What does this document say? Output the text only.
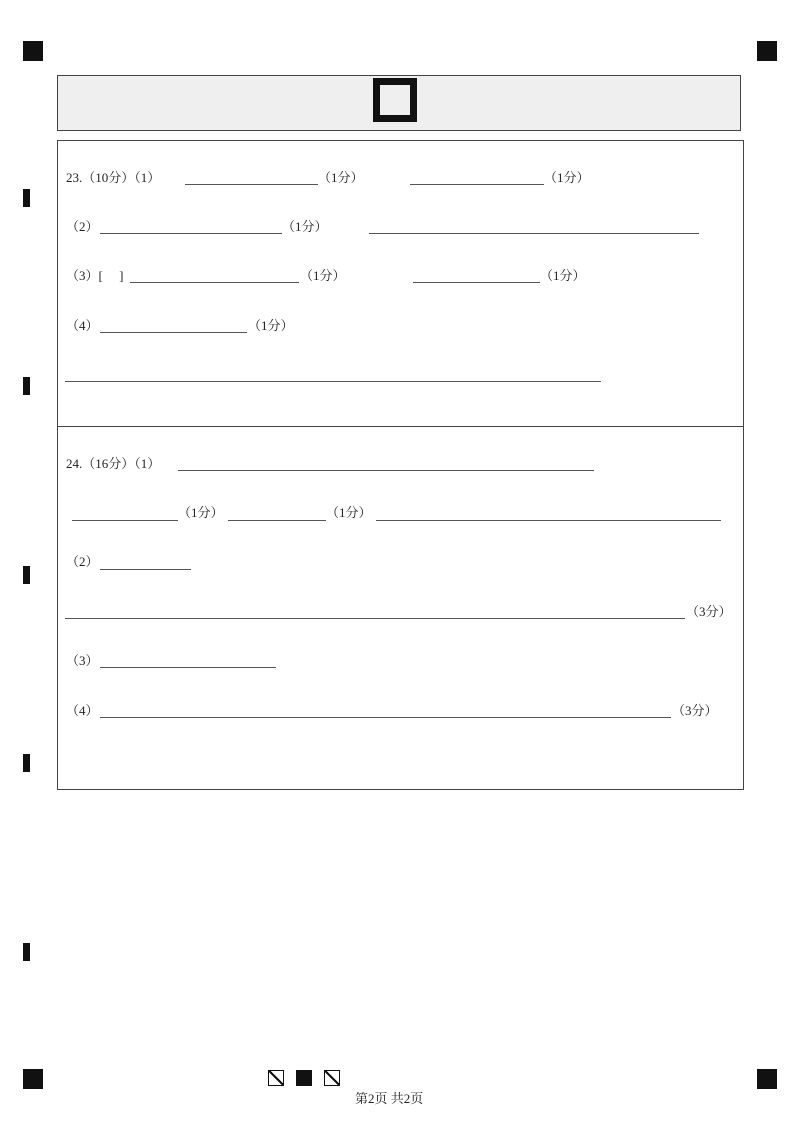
23.（10分）（1）	（1分）	（1分）
（2）	（1分）
（3）[　 ]	（1分）	（1分）
（4）	（1分）
24.（16分）（1）
（1分）	（1分）
（2）
（3分）
（3）
（4）	（3分）
第2页 共2页
